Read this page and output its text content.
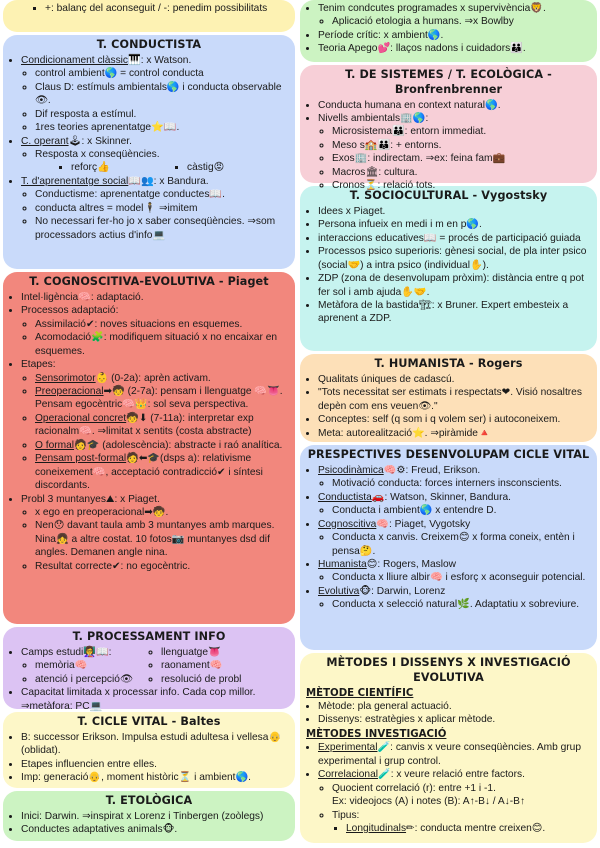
▪ +: balanç del aconseguit / -: penedim possibilitats
T. CONDUCTISTA
• Condicionament clàssic🎹: x Watson.
◦ control ambient🌎 = control conducta
◦ Claus D: estímuls ambientals🌎 i conducta observable👁.
◦ Dif resposta a estímul.
◦ 1res teories aprenentatge⭐📖.
• C. operant🕹: x Skinner.
◦ Resposta x conseqüències.
▪ reforç👍
▪	càstig😡
• T. d'aprenentatge social📖👥: x Bandura.
◦ Conductisme: aprenentatge conductes📖.
◦ conducta altres = model🕴 ⇒imitem
◦ No necessari fer-ho jo x saber conseqüències. ⇒som processadors actius d'info💻
T. COGNOSCITIVA-EVOLUTIVA - Piaget
• Intel·ligència🧠: adaptació.
• Processos adaptació:
◦ Assimilació✔: noves situacions en esquemes.
◦ Acomodació🧩: modifiquem situació x no encaixar en esquemes.
• Etapes:
◦ Sensorimotor👶 (0-2a): aprèn activam.
◦ Preoperacional➡🧒 (2-7a): pensam i llenguatge 🧠👅.
Pensam egocèntric🧠👑: sol seva perspectiva.
◦ Operacional concret🧒⬇ (7-11a): interpretar exp racionalm🧠. ⇒limitat x sentits (costa abstracte)
◦ O formal🧑🎓 (adolescència): abstracte i raó analítica.
◦ Pensam post-formal🧑⬅🎓(dsps a): relativisme coneixement🧠, acceptació contradicció✔ i síntesi discordants.
• Probl 3 muntanyes⛰: x Piaget.
◦ x ego en preoperacional➡🧒.
◦ Nen😯 davant taula amb 3 muntanyes amb marques. Nina👧 a altre costat. 10 fotos📷 muntanyes dsd dif angles. Demanen angle nina.
◦ Resultat correcte✔: no egocèntric.
T. PROCESSAMENT INFO
• Camps estudi👩‍🏫📖:
◦ memòria🧠
◦ atenció i percepció👁
◦ llenguatge👅
◦ raonament🧠
◦ resolució de probl
• Capacitat limitada x processar info. Cada cop millor. ⇒metàfora: PC💻
T. CICLE VITAL - Baltes
• B: successor Erikson. Impulsa estudi adultesa i vellesa👴 (oblidat).
• Etapes influencien entre elles.
• Imp: generació👴, moment històric⏳ i ambient🌎.
T. ETOLÒGICA
• Inici: Darwin. ⇒inspirat x Lorenz i Tinbergen (zoòlegs)
• Conductes adaptatives animals🐵.
• Tenim condcutes programades x supervivència🦁.
◦ Aplicació etologia a humans. ⇒x Bowlby
• Període crític: x ambient🌎.
• Teoria Apego💕: llaços nadons i cuidadors👪.
T. DE SISTEMES / T. ECOLÒGICA - Bronfrenbrenner
• Conducta humana en context natural🌎.
• Nivells ambientals🏢🌎:
◦ Microsistema👪: entorn immediat.
◦ Meso s🏫👪: + entorns.
◦ Exos🏢: indirectam. ⇒ex: feina fam💼
◦ Macros🏛: cultura.
◦ Cronos⏳: relació tots.
T. SOCIOCULTURAL - Vygostsky
• Idees x Piaget.
• Persona infueix en medi i m en p🌎.
• interaccions educatives📖 = procés de participació guiada
• Processos psico superioris: gènesi social, de pla inter psico (social🤝) a intra psico (individual✋).
• ZDP (zona de desenvolupam pròxim): distància entre q pot fer sol i amb ajuda✋🤝.
• Metàfora de la bastida🏗: x Bruner. Expert embesteix a aprenent a ZDP.
T. HUMANISTA - Rogers
• Qualitats úniques de cadascú.
• "Tots necessitat ser estimats i respectats❤. Visió nosaltres depèn com ens veuen👁."
• Conceptes: self (q som i q volem ser) i autoconeixem.
• Meta: autorealització⭐. ⇒piràmide🔺
PRESPECTIVES DESENVOLUPAM CICLE VITAL
• Psicodinàmica🧠⚙: Freud, Erikson.
◦ Motivació conducta: forces interners insconscients.
• Conductista🚗: Watson, Skinner, Bandura.
◦ Conducta i ambient🌎 x entendre D.
• Cognoscitiva🧠: Piaget, Vygotsky
◦ Conducta x canvis. Creixem😊 x forma coneix, entèn i pensa🤔.
• Humanista😊: Rogers, Maslow
◦ Conducta x lliure albir🧠 i esforç x aconseguir potencial.
• Evolutiva🐵: Darwin, Lorenz
◦ Conducta x selecció natural🌿. Adaptatiu x sobreviure.
MÈTODES I DISSENYS X INVESTIGACIÓ EVOLUTIVA
MÈTODE CIENTÍFIC
• Mètode: pla general actuació.
• Dissenys: estratègies x aplicar mètode.
MÈTODES INVESTIGACIÓ
• Experimental🧪: canvis x veure conseqüències. Amb grup experimental i grup control.
• Correlacional🧪: x veure relació entre factors.
◦ Quocient correlació (r): entre +1 i -1.
Ex: videojocs (A) i notes (B): A↑-B↓ / A↓-B↑
◦ Tipus:
▪ Longitudinals✏: conducta mentre creixen😊.
